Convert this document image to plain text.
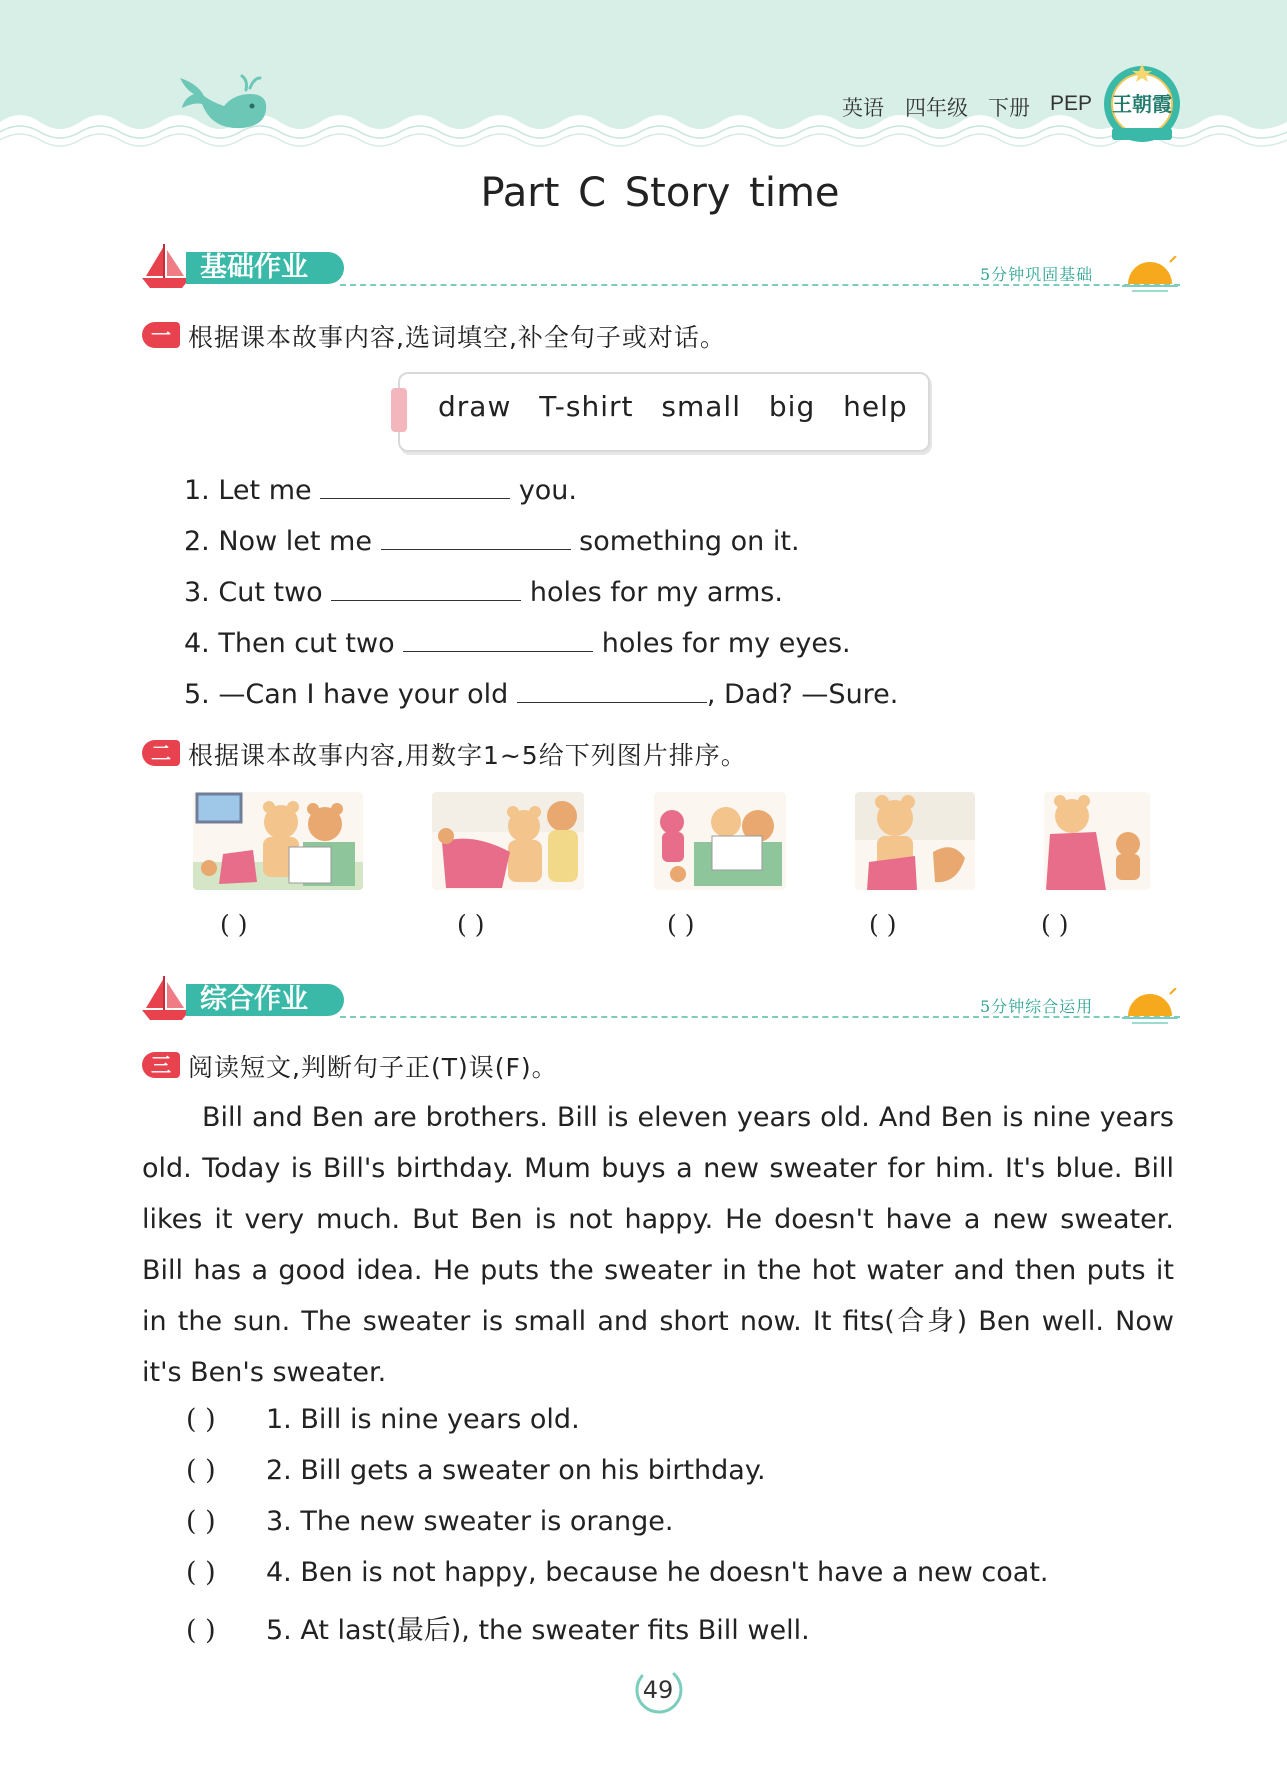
英语 四年级 下册 PEP 王朝霞
Part C Story time
基础作业	5分钟巩固基础
一 根据课本故事内容,选词填空,补全句子或对话。
draw T-shirt small big help
1. Let me	you.
2. Now let me	something on it.
3. Cut two	holes for my arms.
4. Then cut two	holes for my eyes.
5. —Can I have your old	, Dad? —Sure.
二 根据课本故事内容,用数字1~5给下列图片排序。
( )	( )	( )	( )	( )
综合作业	5分钟综合运用
三 阅读短文,判断句子正(T)误(F)。
Bill and Ben are brothers. Bill is eleven years old. And Ben is nine years old. Today is Bill's birthday. Mum buys a new sweater for him. It's blue. Bill likes it very much. But Ben is not happy. He doesn't have a new sweater. Bill has a good idea. He puts the sweater in the hot water and then puts it in the sun. The sweater is small and short now. It fits(合身) Ben well. Now it's Ben's sweater.
( ) 1. Bill is nine years old.
( ) 2. Bill gets a sweater on his birthday.
( ) 3. The new sweater is orange.
( ) 4. Ben is not happy, because he doesn't have a new coat.
( ) 5. At last(最后), the sweater fits Bill well.
49
